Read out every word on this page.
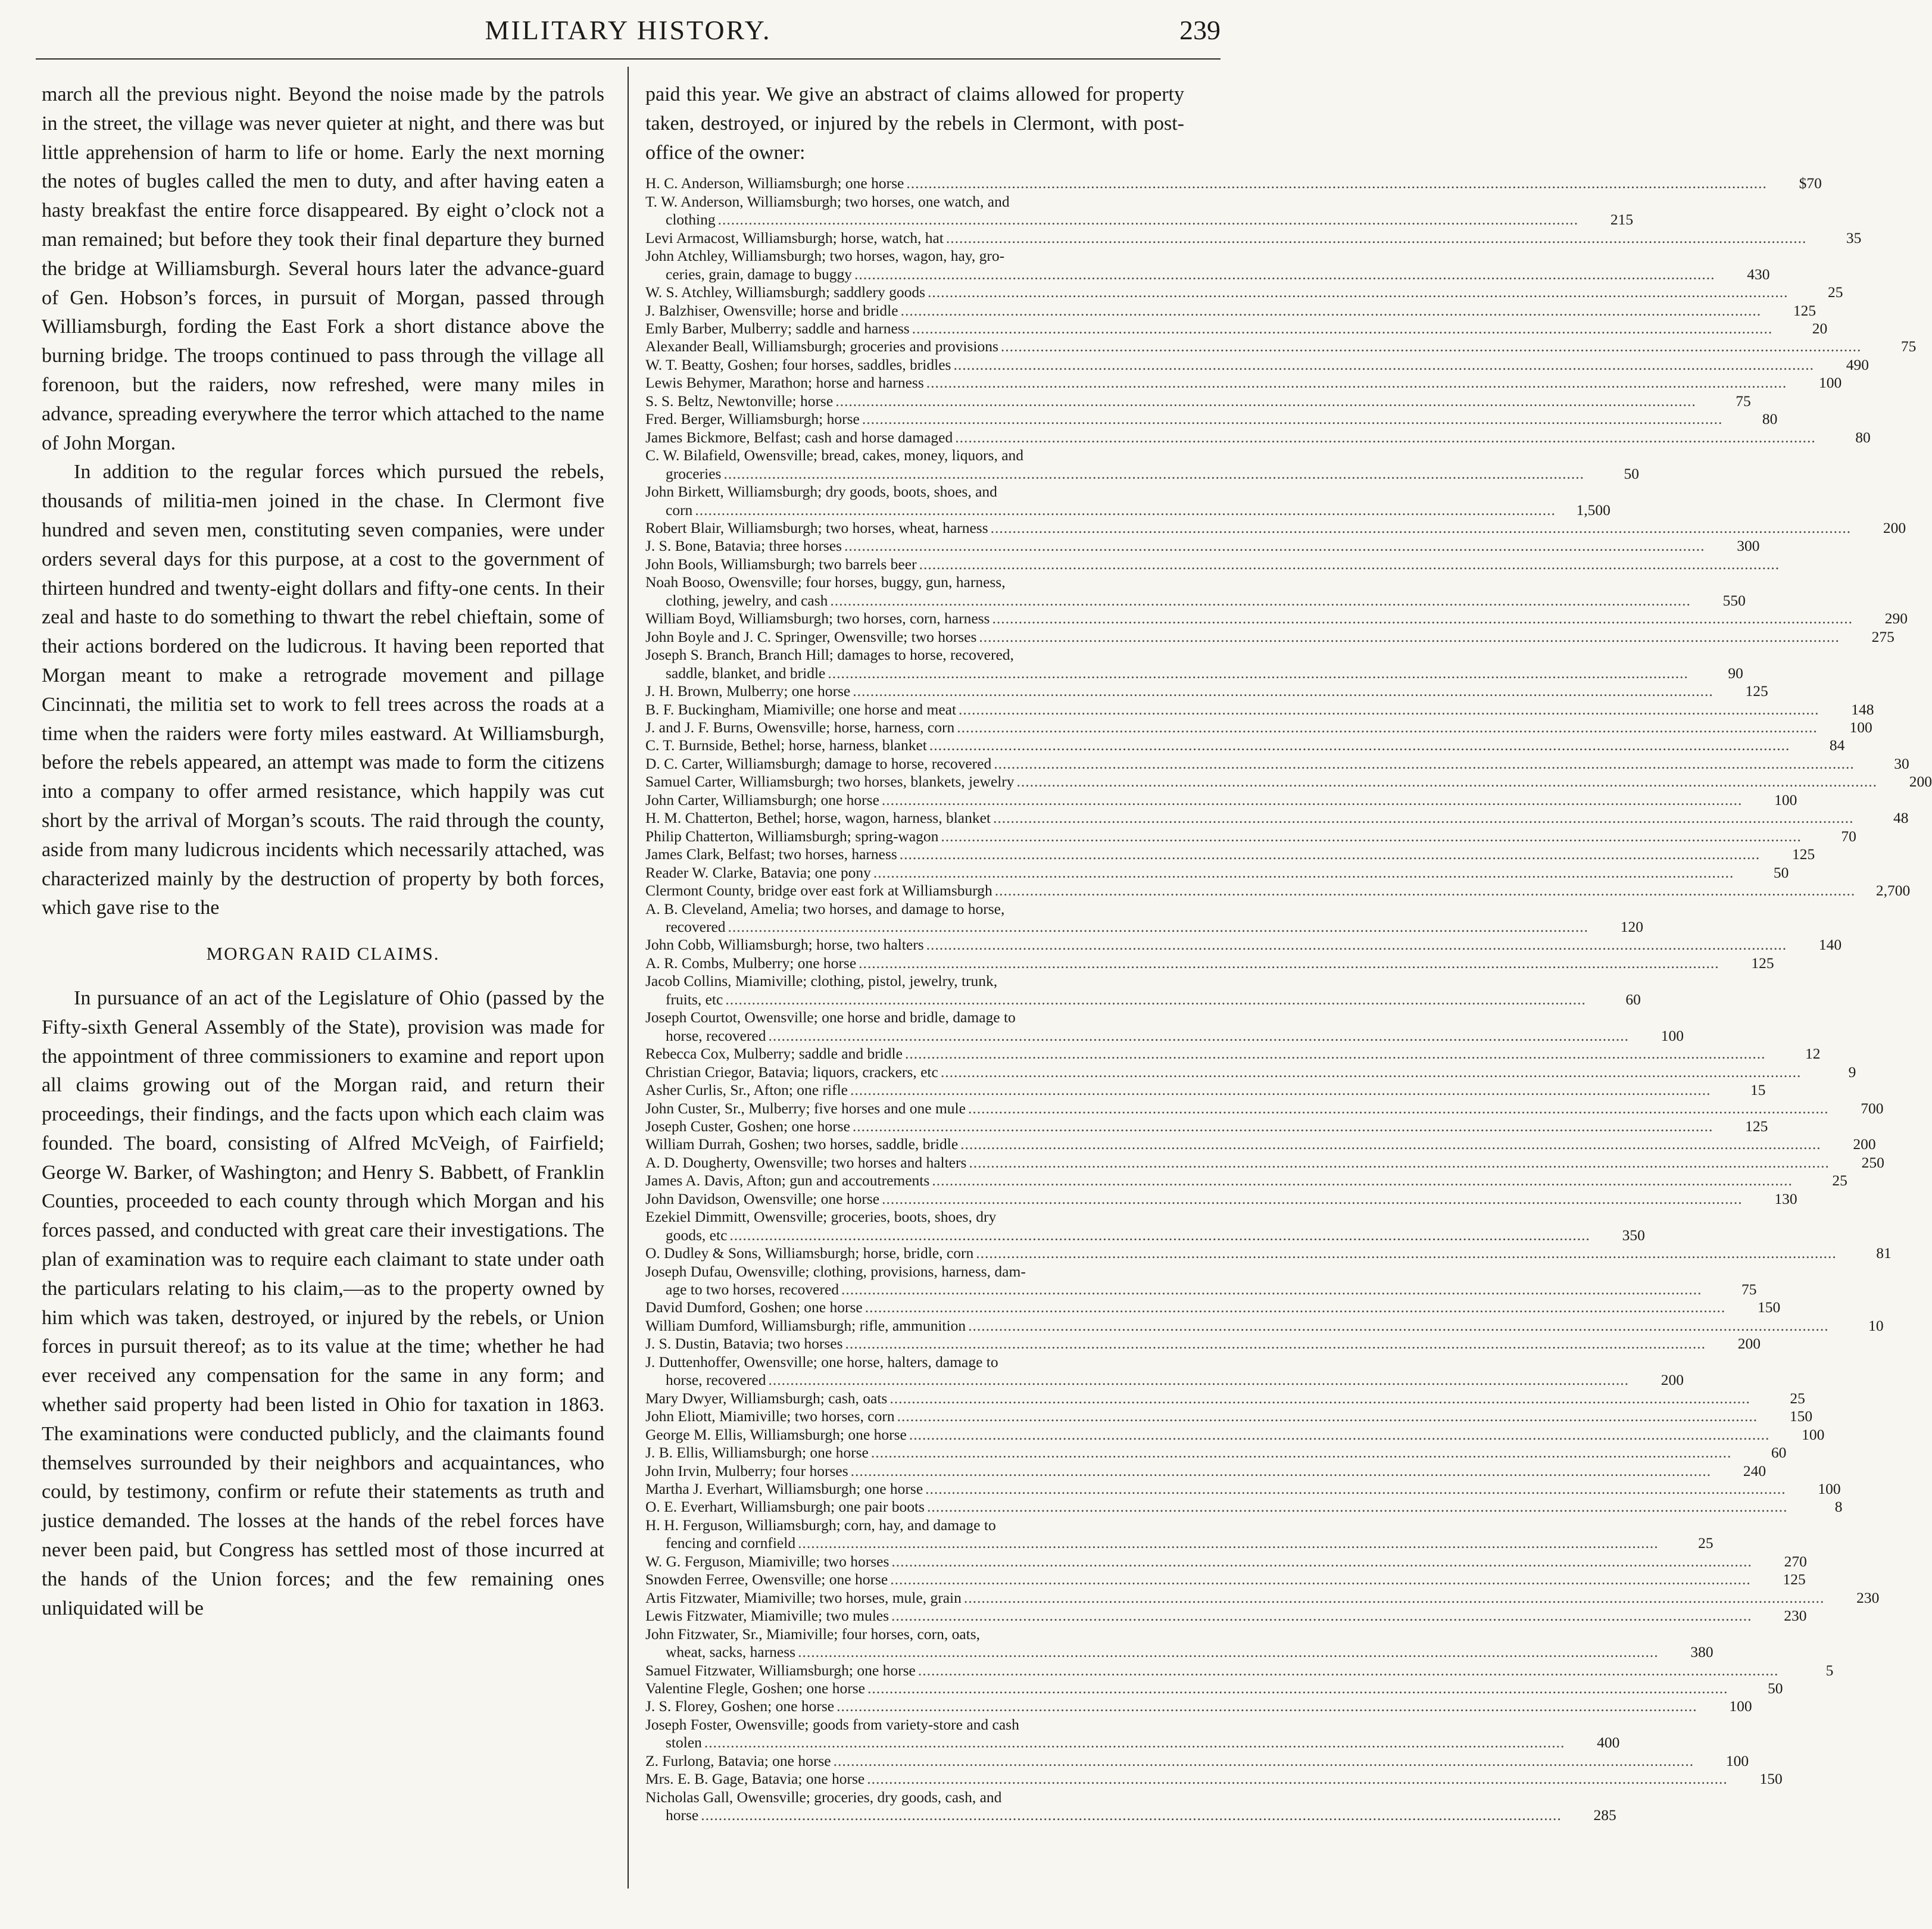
MILITARY HISTORY.	239

march all the previous night. Beyond the noise made by the patrols in the street, the village was never quieter at night, and there was but little apprehension of harm to life or home. Early the next morning the notes of bugles called the men to duty, and after having eaten a hasty breakfast the entire force disappeared. By eight o’clock not a man remained; but before they took their final departure they burned the bridge at Williamsburgh. Several hours later the advance-guard of Gen. Hobson’s forces, in pursuit of Morgan, passed through Williamsburgh, fording the East Fork a short distance above the burning bridge. The troops continued to pass through the village all forenoon, but the raiders, now refreshed, were many miles in advance, spreading everywhere the terror which attached to the name of John Morgan.

In addition to the regular forces which pursued the rebels, thousands of militia-men joined in the chase. In Clermont five hundred and seven men, constituting seven companies, were under orders several days for this purpose, at a cost to the government of thirteen hundred and twenty-eight dollars and fifty-one cents. In their zeal and haste to do something to thwart the rebel chieftain, some of their actions bordered on the ludicrous. It having been reported that Morgan meant to make a retrograde movement and pillage Cincinnati, the militia set to work to fell trees across the roads at a time when the raiders were forty miles eastward. At Williamsburgh, before the rebels appeared, an attempt was made to form the citizens into a company to offer armed resistance, which happily was cut short by the arrival of Morgan’s scouts. The raid through the county, aside from many ludicrous incidents which necessarily attached, was characterized mainly by the destruction of property by both forces, which gave rise to the

MORGAN RAID CLAIMS.

In pursuance of an act of the Legislature of Ohio (passed by the Fifty-sixth General Assembly of the State), provision was made for the appointment of three commissioners to examine and report upon all claims growing out of the Morgan raid, and return their proceedings, their findings, and the facts upon which each claim was founded. The board, consisting of Alfred McVeigh, of Fairfield; George W. Barker, of Washington; and Henry S. Babbett, of Franklin Counties, proceeded to each county through which Morgan and his forces passed, and conducted with great care their investigations. The plan of examination was to require each claimant to state under oath the particulars relating to his claim,—as to the property owned by him which was taken, destroyed, or injured by the rebels, or Union forces in pursuit thereof; as to its value at the time; whether he had ever received any compensation for the same in any form; and whether said property had been listed in Ohio for taxation in 1863. The examinations were conducted publicly, and the claimants found themselves surrounded by their neighbors and acquaintances, who could, by testimony, confirm or refute their statements as truth and justice demanded. The losses at the hands of the rebel forces have never been paid, but Congress has settled most of those incurred at the hands of the Union forces; and the few remaining ones unliquidated will be

paid this year. We give an abstract of claims allowed for property taken, destroyed, or injured by the rebels in Clermont, with post-office of the owner:

H. C. Anderson, Williamsburgh; one horse .....	$70
T. W. Anderson, Williamsburgh; two horses, one watch, and
clothing .....	215
Levi Armacost, Williamsburgh; horse, watch, hat .....	35
John Atchley, Williamsburgh; two horses, wagon, hay, gro-
ceries, grain, damage to buggy .....	430
W. S. Atchley, Williamsburgh; saddlery goods .....	25
J. Balzhiser, Owensville; horse and bridle .....	125
Emly Barber, Mulberry; saddle and harness .....	20
Alexander Beall, Williamsburgh; groceries and provisions .....	75
W. T. Beatty, Goshen; four horses, saddles, bridles .....	490
Lewis Behymer, Marathon; horse and harness .....	100
S. S. Beltz, Newtonville; horse .....	75
Fred. Berger, Williamsburgh; horse .....	80
James Bickmore, Belfast; cash and horse damaged .....	80
C. W. Bilafield, Owensville; bread, cakes, money, liquors, and
groceries .....	50
John Birkett, Williamsburgh; dry goods, boots, shoes, and
corn .....	1,500
Robert Blair, Williamsburgh; two horses, wheat, harness .....	200
J. S. Bone, Batavia; three horses .....	300
John Bools, Williamsburgh; two barrels beer
.....
Noah Booso, Owensville; four horses, buggy, gun, harness,
clothing, jewelry, and cash .....	550
William Boyd, Williamsburgh; two horses, corn, harness .....	290
John Boyle and J. C. Springer, Owensville; two horses .....	275
Joseph S. Branch, Branch Hill; damages to horse, recovered,
saddle, blanket, and bridle .....	90
J. H. Brown, Mulberry; one horse .....	125
B. F. Buckingham, Miamiville; one horse and meat .....	148
J. and J. F. Burns, Owensville; horse, harness, corn .....	100
C. T. Burnside, Bethel; horse, harness, blanket .....	84
D. C. Carter, Williamsburgh; damage to horse, recovered .....	30
Samuel Carter, Williamsburgh; two horses, blankets, jewelry .....	200
John Carter, Williamsburgh; one horse .....	100
H. M. Chatterton, Bethel; horse, wagon, harness, blanket .....	48
Philip Chatterton, Williamsburgh; spring-wagon .....	70
James Clark, Belfast; two horses, harness .....	125
Reader W. Clarke, Batavia; one pony .....	50
Clermont County, bridge over east fork at Williamsburgh .....	2,700
A. B. Cleveland, Amelia; two horses, and damage to horse,
recovered .....	120
John Cobb, Williamsburgh; horse, two halters .....	140
A. R. Combs, Mulberry; one horse .....	125
Jacob Collins, Miamiville; clothing, pistol, jewelry, trunk,
fruits, etc .....	60
Joseph Courtot, Owensville; one horse and bridle, damage to
horse, recovered .....	100
Rebecca Cox, Mulberry; saddle and bridle .....	12
Christian Criegor, Batavia; liquors, crackers, etc .....	9
Asher Curlis, Sr., Afton; one rifle .....	15
John Custer, Sr., Mulberry; five horses and one mule .....	700
Joseph Custer, Goshen; one horse .....	125
William Durrah, Goshen; two horses, saddle, bridle .....	200
A. D. Dougherty, Owensville; two horses and halters .....	250
James A. Davis, Afton; gun and accoutrements .....	25
John Davidson, Owensville; one horse .....	130
Ezekiel Dimmitt, Owensville; groceries, boots, shoes, dry
goods, etc .....	350
O. Dudley & Sons, Williamsburgh; horse, bridle, corn .....	81
Joseph Dufau, Owensville; clothing, provisions, harness, dam-
age to two horses, recovered .....	75
David Dumford, Goshen; one horse .....	150
William Dumford, Williamsburgh; rifle, ammunition .....	10
J. S. Dustin, Batavia; two horses .....	200
J. Duttenhoffer, Owensville; one horse, halters, damage to
horse, recovered .....	200
Mary Dwyer, Williamsburgh; cash, oats .....	25
John Eliott, Miamiville; two horses, corn .....	150
George M. Ellis, Williamsburgh; one horse .....	100
J. B. Ellis, Williamsburgh; one horse .....	60
John Irvin, Mulberry; four horses .....	240
Martha J. Everhart, Williamsburgh; one horse .....	100
O. E. Everhart, Williamsburgh; one pair boots .....	8
H. H. Ferguson, Williamsburgh; corn, hay, and damage to
fencing and cornfield .....	25
W. G. Ferguson, Miamiville; two horses .....	270
Snowden Ferree, Owensville; one horse .....	125
Artis Fitzwater, Miamiville; two horses, mule, grain .....	230
Lewis Fitzwater, Miamiville; two mules .....	230
John Fitzwater, Sr., Miamiville; four horses, corn, oats,
wheat, sacks, harness .....	380
Samuel Fitzwater, Williamsburgh; one horse .....	5
Valentine Flegle, Goshen; one horse .....	50
J. S. Florey, Goshen; one horse .....	100
Joseph Foster, Owensville; goods from variety-store and cash
stolen .....	400
Z. Furlong, Batavia; one horse .....	100
Mrs. E. B. Gage, Batavia; one horse .....	150
Nicholas Gall, Owensville; groceries, dry goods, cash, and
horse .....	285
